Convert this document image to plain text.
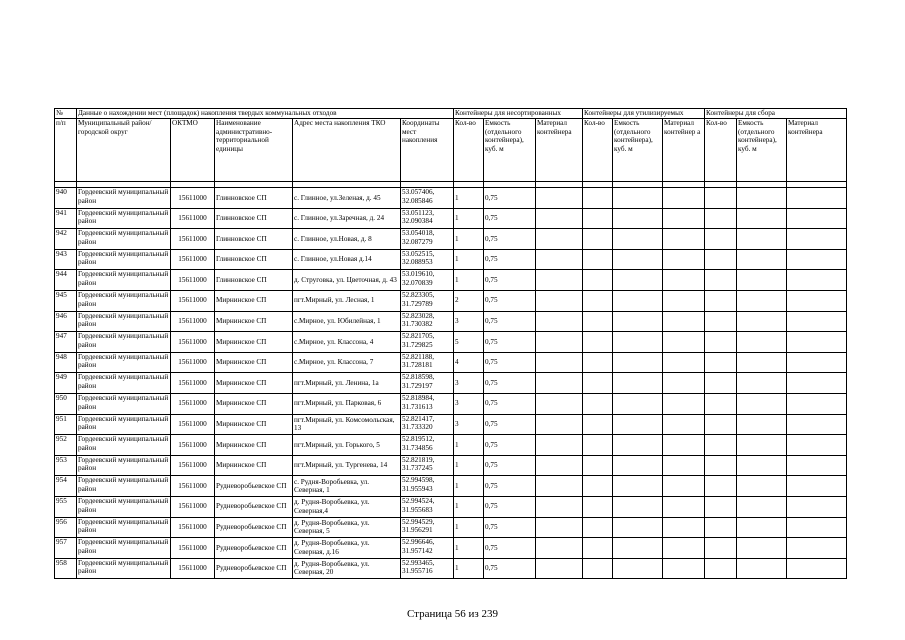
№	Данные о нахождении мест (площадок) накопления твердых коммунальных отходов					Контейнеры для несортированных			Контейнеры для утилизируемых			Контейнеры для сбора		
п/п	Муниципальный район/городской округ	ОКТМО	Наименование административно-территориальной единицы	Адрес места накопления ТКО	Координаты мест накопления	Кол-во	Емкость (отдельного контейнера), куб. м	Материал контейнера	Кол-во	Емкость (отдельного контейнера), куб. м	Материал контейнер а	Кол-во	Емкость (отдельного контейнера), куб. м	Материал контейнера

940	Гордеевский муниципальный район	15611000	Глинновское СП	с. Глинное, ул.Зеленая, д. 45	53.057406, 32.085846	1	0,75							
941	Гордеевский муниципальный район	15611000	Глинновское СП	с. Глинное, ул.Заречная, д. 24	53.051123, 32.090384	1	0,75							
942	Гордеевский муниципальный район	15611000	Глинновское СП	с. Глинное, ул.Новая, д. 8	53.054018, 32.087279	1	0,75							
943	Гордеевский муниципальный район	15611000	Глинновское СП	с. Глинное, ул.Новая д.14	53.052515, 32.088953	1	0,75							
944	Гордеевский муниципальный район	15611000	Глинновское СП	д. Струговка, ул. Цветочная, д. 43	53.019610, 32.070839	1	0,75							
945	Гордеевский муниципальный район	15611000	Мирнинское СП	пгт.Мирный, ул. Лесная, 1	52.823305, 31.729789	2	0,75							
946	Гордеевский муниципальный район	15611000	Мирнинское СП	с.Мирное, ул. Юбилейная, 1	52.823028, 31.730382	3	0,75							
947	Гордеевский муниципальный район	15611000	Мирнинское СП	с.Мирное, ул. Классона, 4	52.821705, 31.729825	5	0,75							
948	Гордеевский муниципальный район	15611000	Мирнинское СП	с.Мирное, ул. Классона, 7	52.821188, 31.728181	4	0,75							
949	Гордеевский муниципальный район	15611000	Мирнинское СП	пгт.Мирный, ул. Ленина, 1а	52.818598, 31.729197	3	0,75							
950	Гордеевский муниципальный район	15611000	Мирнинское СП	пгт.Мирный, ул. Парковая, 6	52.818984, 31.731613	3	0,75							
951	Гордеевский муниципальный район	15611000	Мирнинское СП	пгт.Мирный, ул. Комсомольская, 13	52.821417, 31.733320	3	0,75							
952	Гордеевский муниципальный район	15611000	Мирнинское СП	пгт.Мирный, ул. Горького, 5	52.819512, 31.734856	1	0,75							
953	Гордеевский муниципальный район	15611000	Мирнинское СП	пгт.Мирный, ул. Тургенева, 14	52.821819, 31.737245	1	0,75							
954	Гордеевский муниципальный район	15611000	Рудневоробьевское СП	с. Рудня-Воробьевка, ул. Северная, 1	52.994598, 31.955943	1	0,75							
955	Гордеевский муниципальный район	15611000	Рудневоробьевское СП	д. Рудня-Воробьевка, ул. Северная,4	52.994524, 31.955683	1	0,75							
956	Гордеевский муниципальный район	15611000	Рудневоробьевское СП	д. Рудня-Воробьевка, ул. Северная, 5	52.994529, 31.956291	1	0,75							
957	Гордеевский муниципальный район	15611000	Рудневоробьевское СП	д. Рудня-Воробьевка, ул. Северная, д.16	52.996646, 31.957142	1	0,75							
958	Гордеевский муниципальный район	15611000	Рудневоробьевское СП	д. Рудня-Воробьевка, ул. Северная, 20	52.993465, 31.955716	1	0,75							
Страница 56 из 239
